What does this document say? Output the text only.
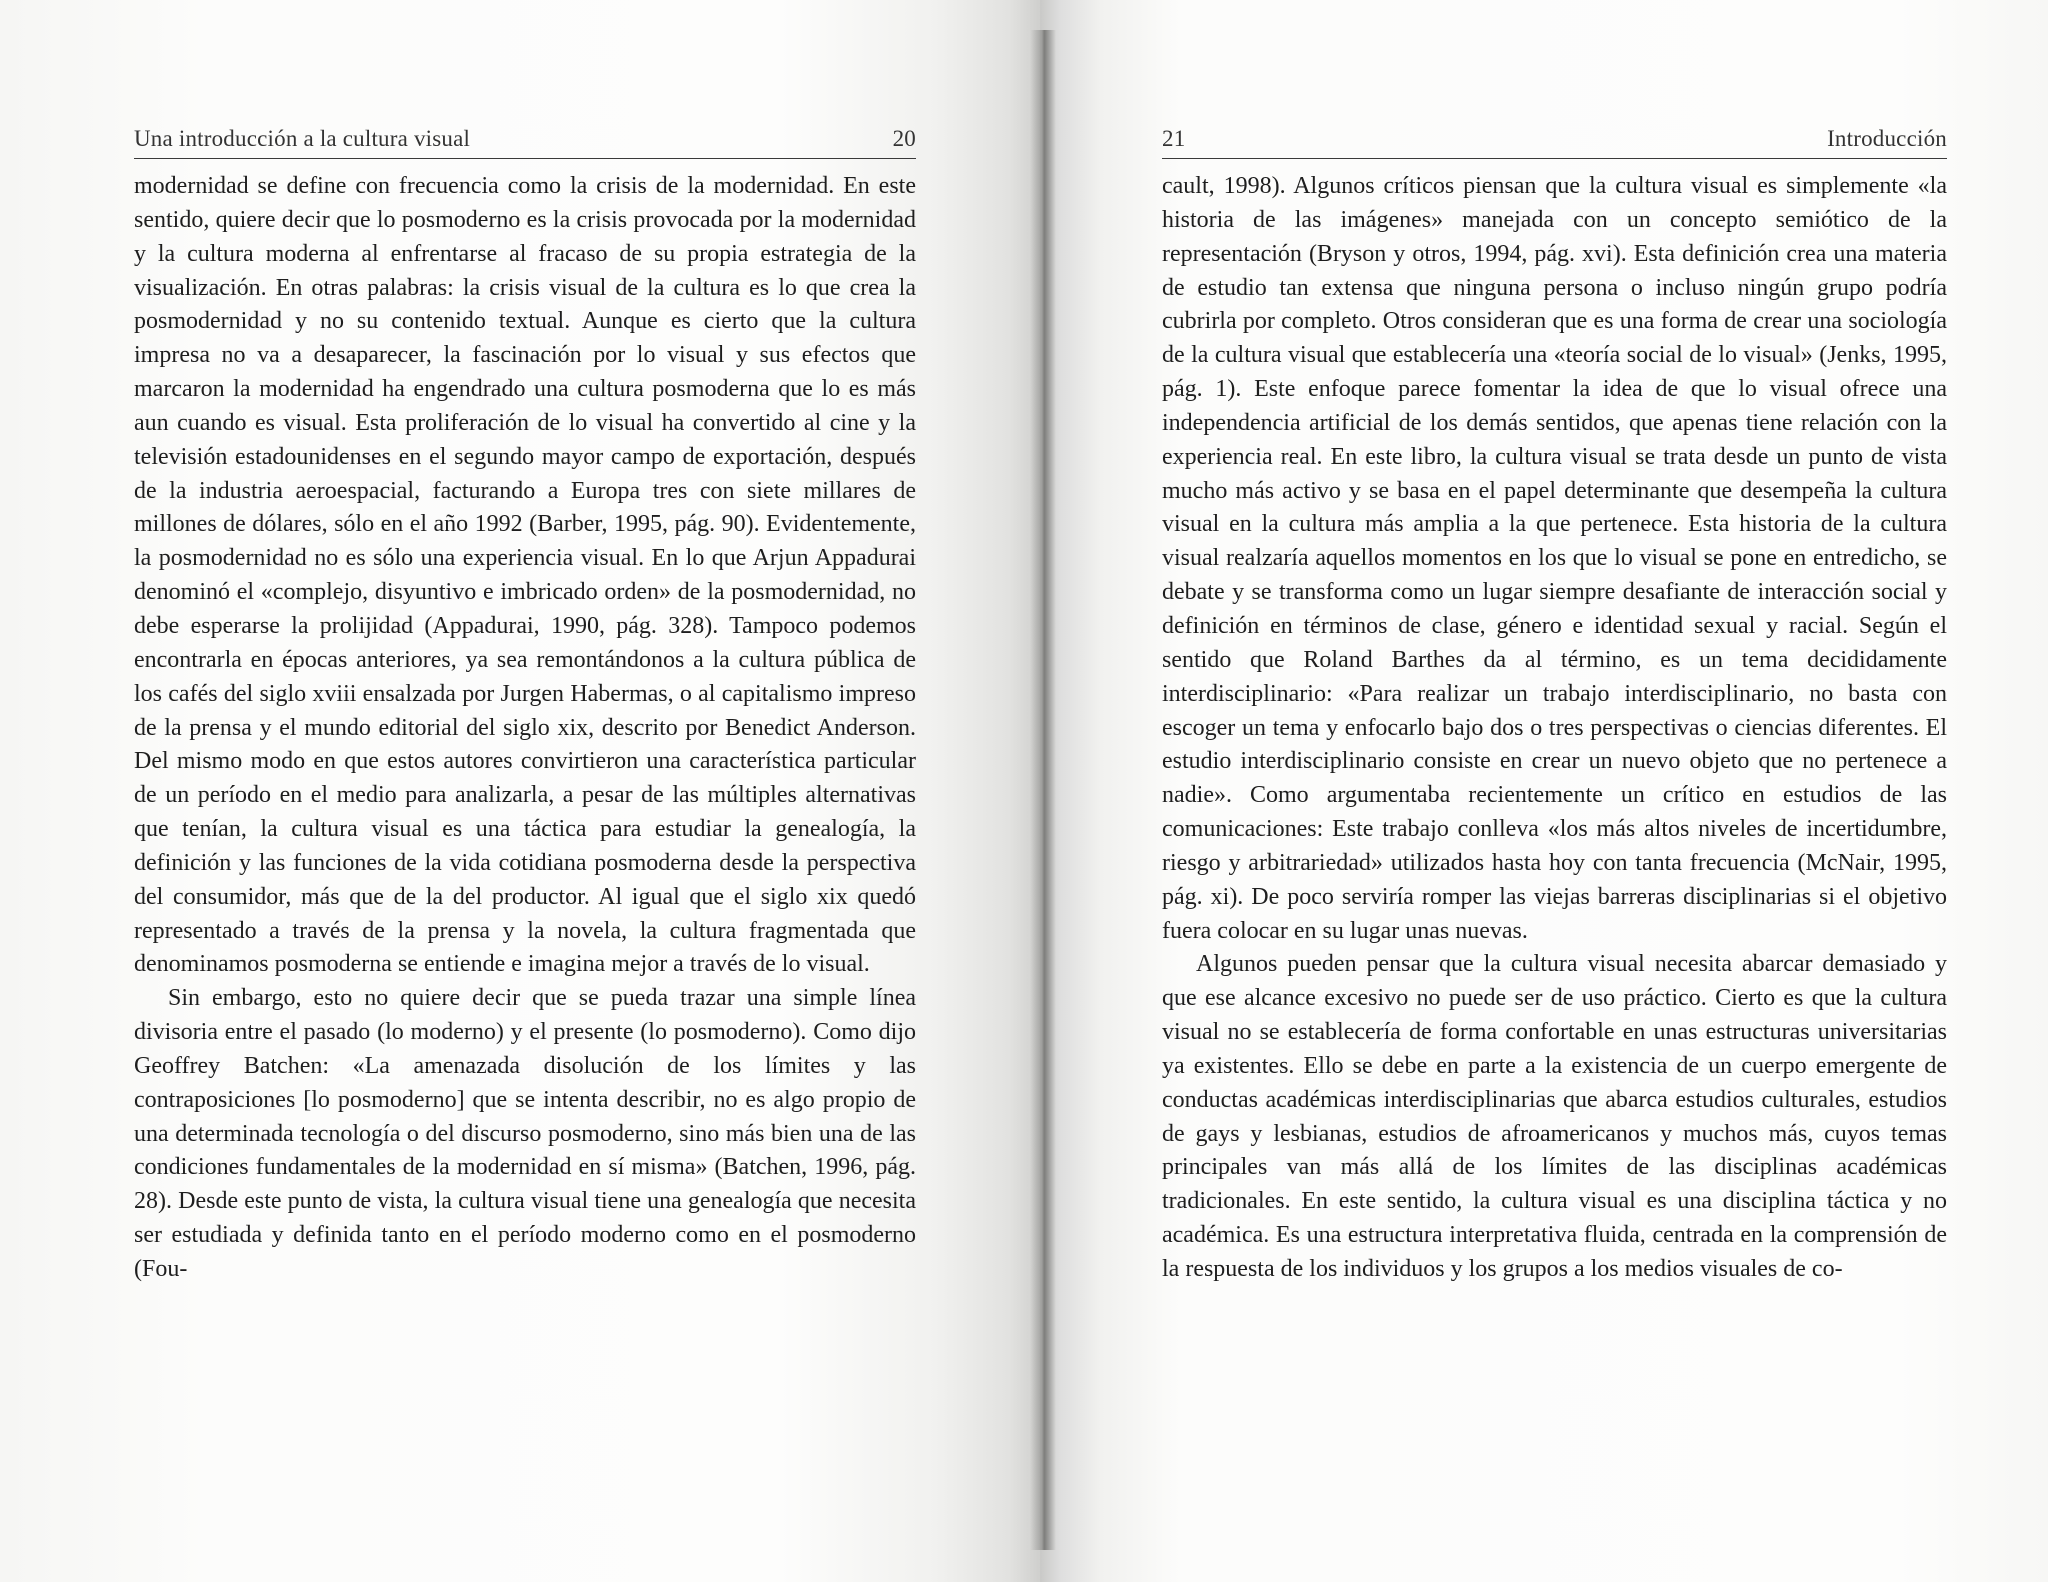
Una introducción a la cultura visual	20

modernidad se define con frecuencia como la crisis de la modernidad. En este sentido, quiere decir que lo posmoderno es la crisis provocada por la modernidad y la cultura moderna al enfrentarse al fracaso de su propia estrategia de la visualización. En otras palabras: la crisis visual de la cultura es lo que crea la posmodernidad y no su contenido textual. Aunque es cierto que la cultura impresa no va a desaparecer, la fascinación por lo visual y sus efectos que marcaron la modernidad ha engendrado una cultura posmoderna que lo es más aun cuando es visual. Esta proliferación de lo visual ha convertido al cine y la televisión estadounidenses en el segundo mayor campo de exportación, después de la industria aeroespacial, facturando a Europa tres con siete millares de millones de dólares, sólo en el año 1992 (Barber, 1995, pág. 90). Evidentemente, la posmodernidad no es sólo una experiencia visual. En lo que Arjun Appadurai denominó el «complejo, disyuntivo e imbricado orden» de la posmodernidad, no debe esperarse la prolijidad (Appadurai, 1990, pág. 328). Tampoco podemos encontrarla en épocas anteriores, ya sea remontándonos a la cultura pública de los cafés del siglo xviii ensalzada por Jurgen Habermas, o al capitalismo impreso de la prensa y el mundo editorial del siglo xix, descrito por Benedict Anderson. Del mismo modo en que estos autores convirtieron una característica particular de un período en el medio para analizarla, a pesar de las múltiples alternativas que tenían, la cultura visual es una táctica para estudiar la genealogía, la definición y las funciones de la vida cotidiana posmoderna desde la perspectiva del consumidor, más que de la del productor. Al igual que el siglo xix quedó representado a través de la prensa y la novela, la cultura fragmentada que denominamos posmoderna se entiende e imagina mejor a través de lo visual.

Sin embargo, esto no quiere decir que se pueda trazar una simple línea divisoria entre el pasado (lo moderno) y el presente (lo posmoderno). Como dijo Geoffrey Batchen: «La amenazada disolución de los límites y las contraposiciones [lo posmoderno] que se intenta describir, no es algo propio de una determinada tecnología o del discurso posmoderno, sino más bien una de las condiciones fundamentales de la modernidad en sí misma» (Batchen, 1996, pág. 28). Desde este punto de vista, la cultura visual tiene una genealogía que necesita ser estudiada y definida tanto en el período moderno como en el posmoderno (Fou-

21	Introducción

cault, 1998). Algunos críticos piensan que la cultura visual es simplemente «la historia de las imágenes» manejada con un concepto semiótico de la representación (Bryson y otros, 1994, pág. xvi). Esta definición crea una materia de estudio tan extensa que ninguna persona o incluso ningún grupo podría cubrirla por completo. Otros consideran que es una forma de crear una sociología de la cultura visual que establecería una «teoría social de lo visual» (Jenks, 1995, pág. 1). Este enfoque parece fomentar la idea de que lo visual ofrece una independencia artificial de los demás sentidos, que apenas tiene relación con la experiencia real. En este libro, la cultura visual se trata desde un punto de vista mucho más activo y se basa en el papel determinante que desempeña la cultura visual en la cultura más amplia a la que pertenece. Esta historia de la cultura visual realzaría aquellos momentos en los que lo visual se pone en entredicho, se debate y se transforma como un lugar siempre desafiante de interacción social y definición en términos de clase, género e identidad sexual y racial. Según el sentido que Roland Barthes da al término, es un tema decididamente interdisciplinario: «Para realizar un trabajo interdisciplinario, no basta con escoger un tema y enfocarlo bajo dos o tres perspectivas o ciencias diferentes. El estudio interdisciplinario consiste en crear un nuevo objeto que no pertenece a nadie». Como argumentaba recientemente un crítico en estudios de las comunicaciones: Este trabajo conlleva «los más altos niveles de incertidumbre, riesgo y arbitrariedad» utilizados hasta hoy con tanta frecuencia (McNair, 1995, pág. xi). De poco serviría romper las viejas barreras disciplinarias si el objetivo fuera colocar en su lugar unas nuevas.

Algunos pueden pensar que la cultura visual necesita abarcar demasiado y que ese alcance excesivo no puede ser de uso práctico. Cierto es que la cultura visual no se establecería de forma confortable en unas estructuras universitarias ya existentes. Ello se debe en parte a la existencia de un cuerpo emergente de conductas académicas interdisciplinarias que abarca estudios culturales, estudios de gays y lesbianas, estudios de afroamericanos y muchos más, cuyos temas principales van más allá de los límites de las disciplinas académicas tradicionales. En este sentido, la cultura visual es una disciplina táctica y no académica. Es una estructura interpretativa fluida, centrada en la comprensión de la respuesta de los individuos y los grupos a los medios visuales de co-
